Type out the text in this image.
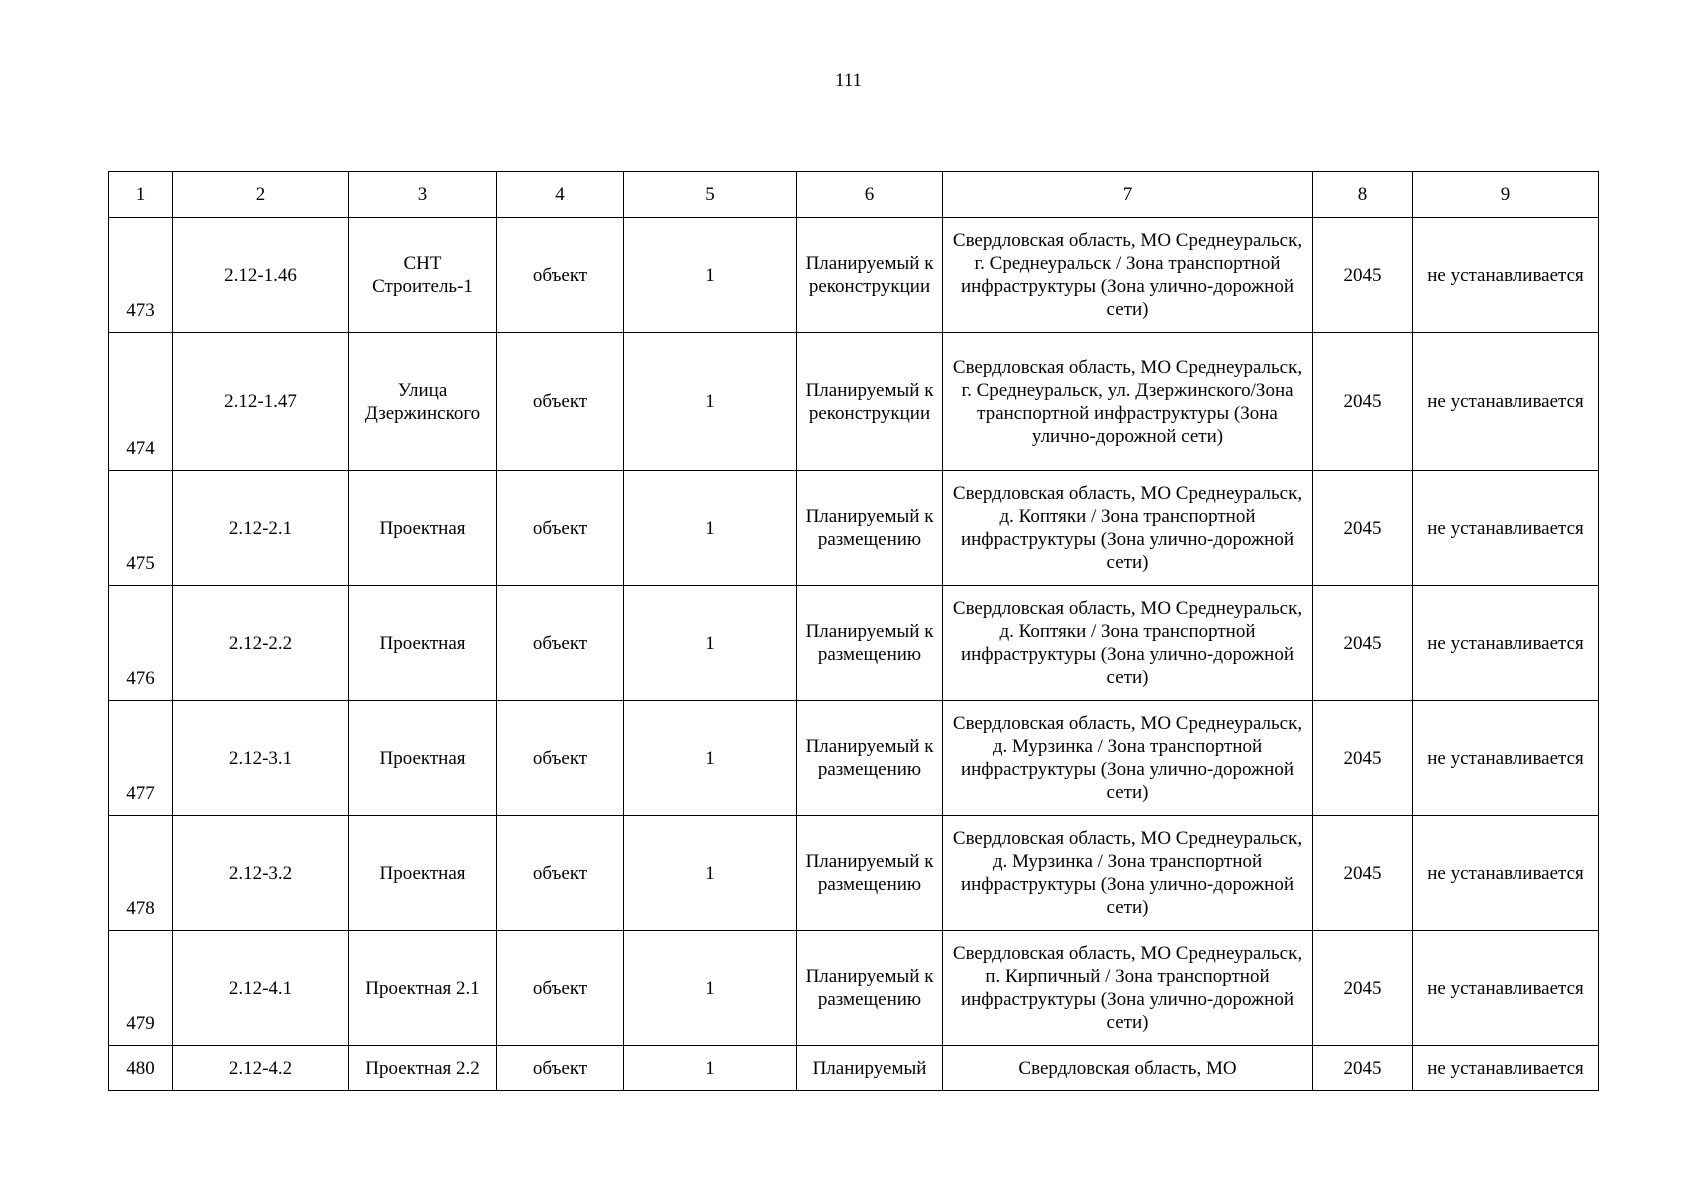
111
1	2	3	4	5	6	7	8	9
473	2.12-1.46	СНТ Строитель-1	объект	1	Планируемый к реконструкции	Свердловская область, МО Среднеуральск, г. Среднеуральск / Зона транспортной инфраструктуры (Зона улично-дорожной сети)	2045	не устанавливается
474	2.12-1.47	Улица Дзержинского	объект	1	Планируемый к реконструкции	Свердловская область, МО Среднеуральск, г. Среднеуральск, ул. Дзержинского/Зона транспортной инфраструктуры (Зона улично-дорожной сети)	2045	не устанавливается
475	2.12-2.1	Проектная	объект	1	Планируемый к размещению	Свердловская область, МО Среднеуральск, д. Коптяки / Зона транспортной инфраструктуры (Зона улично-дорожной сети)	2045	не устанавливается
476	2.12-2.2	Проектная	объект	1	Планируемый к размещению	Свердловская область, МО Среднеуральск, д. Коптяки / Зона транспортной инфраструктуры (Зона улично-дорожной сети)	2045	не устанавливается
477	2.12-3.1	Проектная	объект	1	Планируемый к размещению	Свердловская область, МО Среднеуральск, д. Мурзинка / Зона транспортной инфраструктуры (Зона улично-дорожной сети)	2045	не устанавливается
478	2.12-3.2	Проектная	объект	1	Планируемый к размещению	Свердловская область, МО Среднеуральск, д. Мурзинка / Зона транспортной инфраструктуры (Зона улично-дорожной сети)	2045	не устанавливается
479	2.12-4.1	Проектная 2.1	объект	1	Планируемый к размещению	Свердловская область, МО Среднеуральск, п. Кирпичный / Зона транспортной инфраструктуры (Зона улично-дорожной сети)	2045	не устанавливается
480	2.12-4.2	Проектная 2.2	объект	1	Планируемый	Свердловская область, МО	2045	не устанавливается
